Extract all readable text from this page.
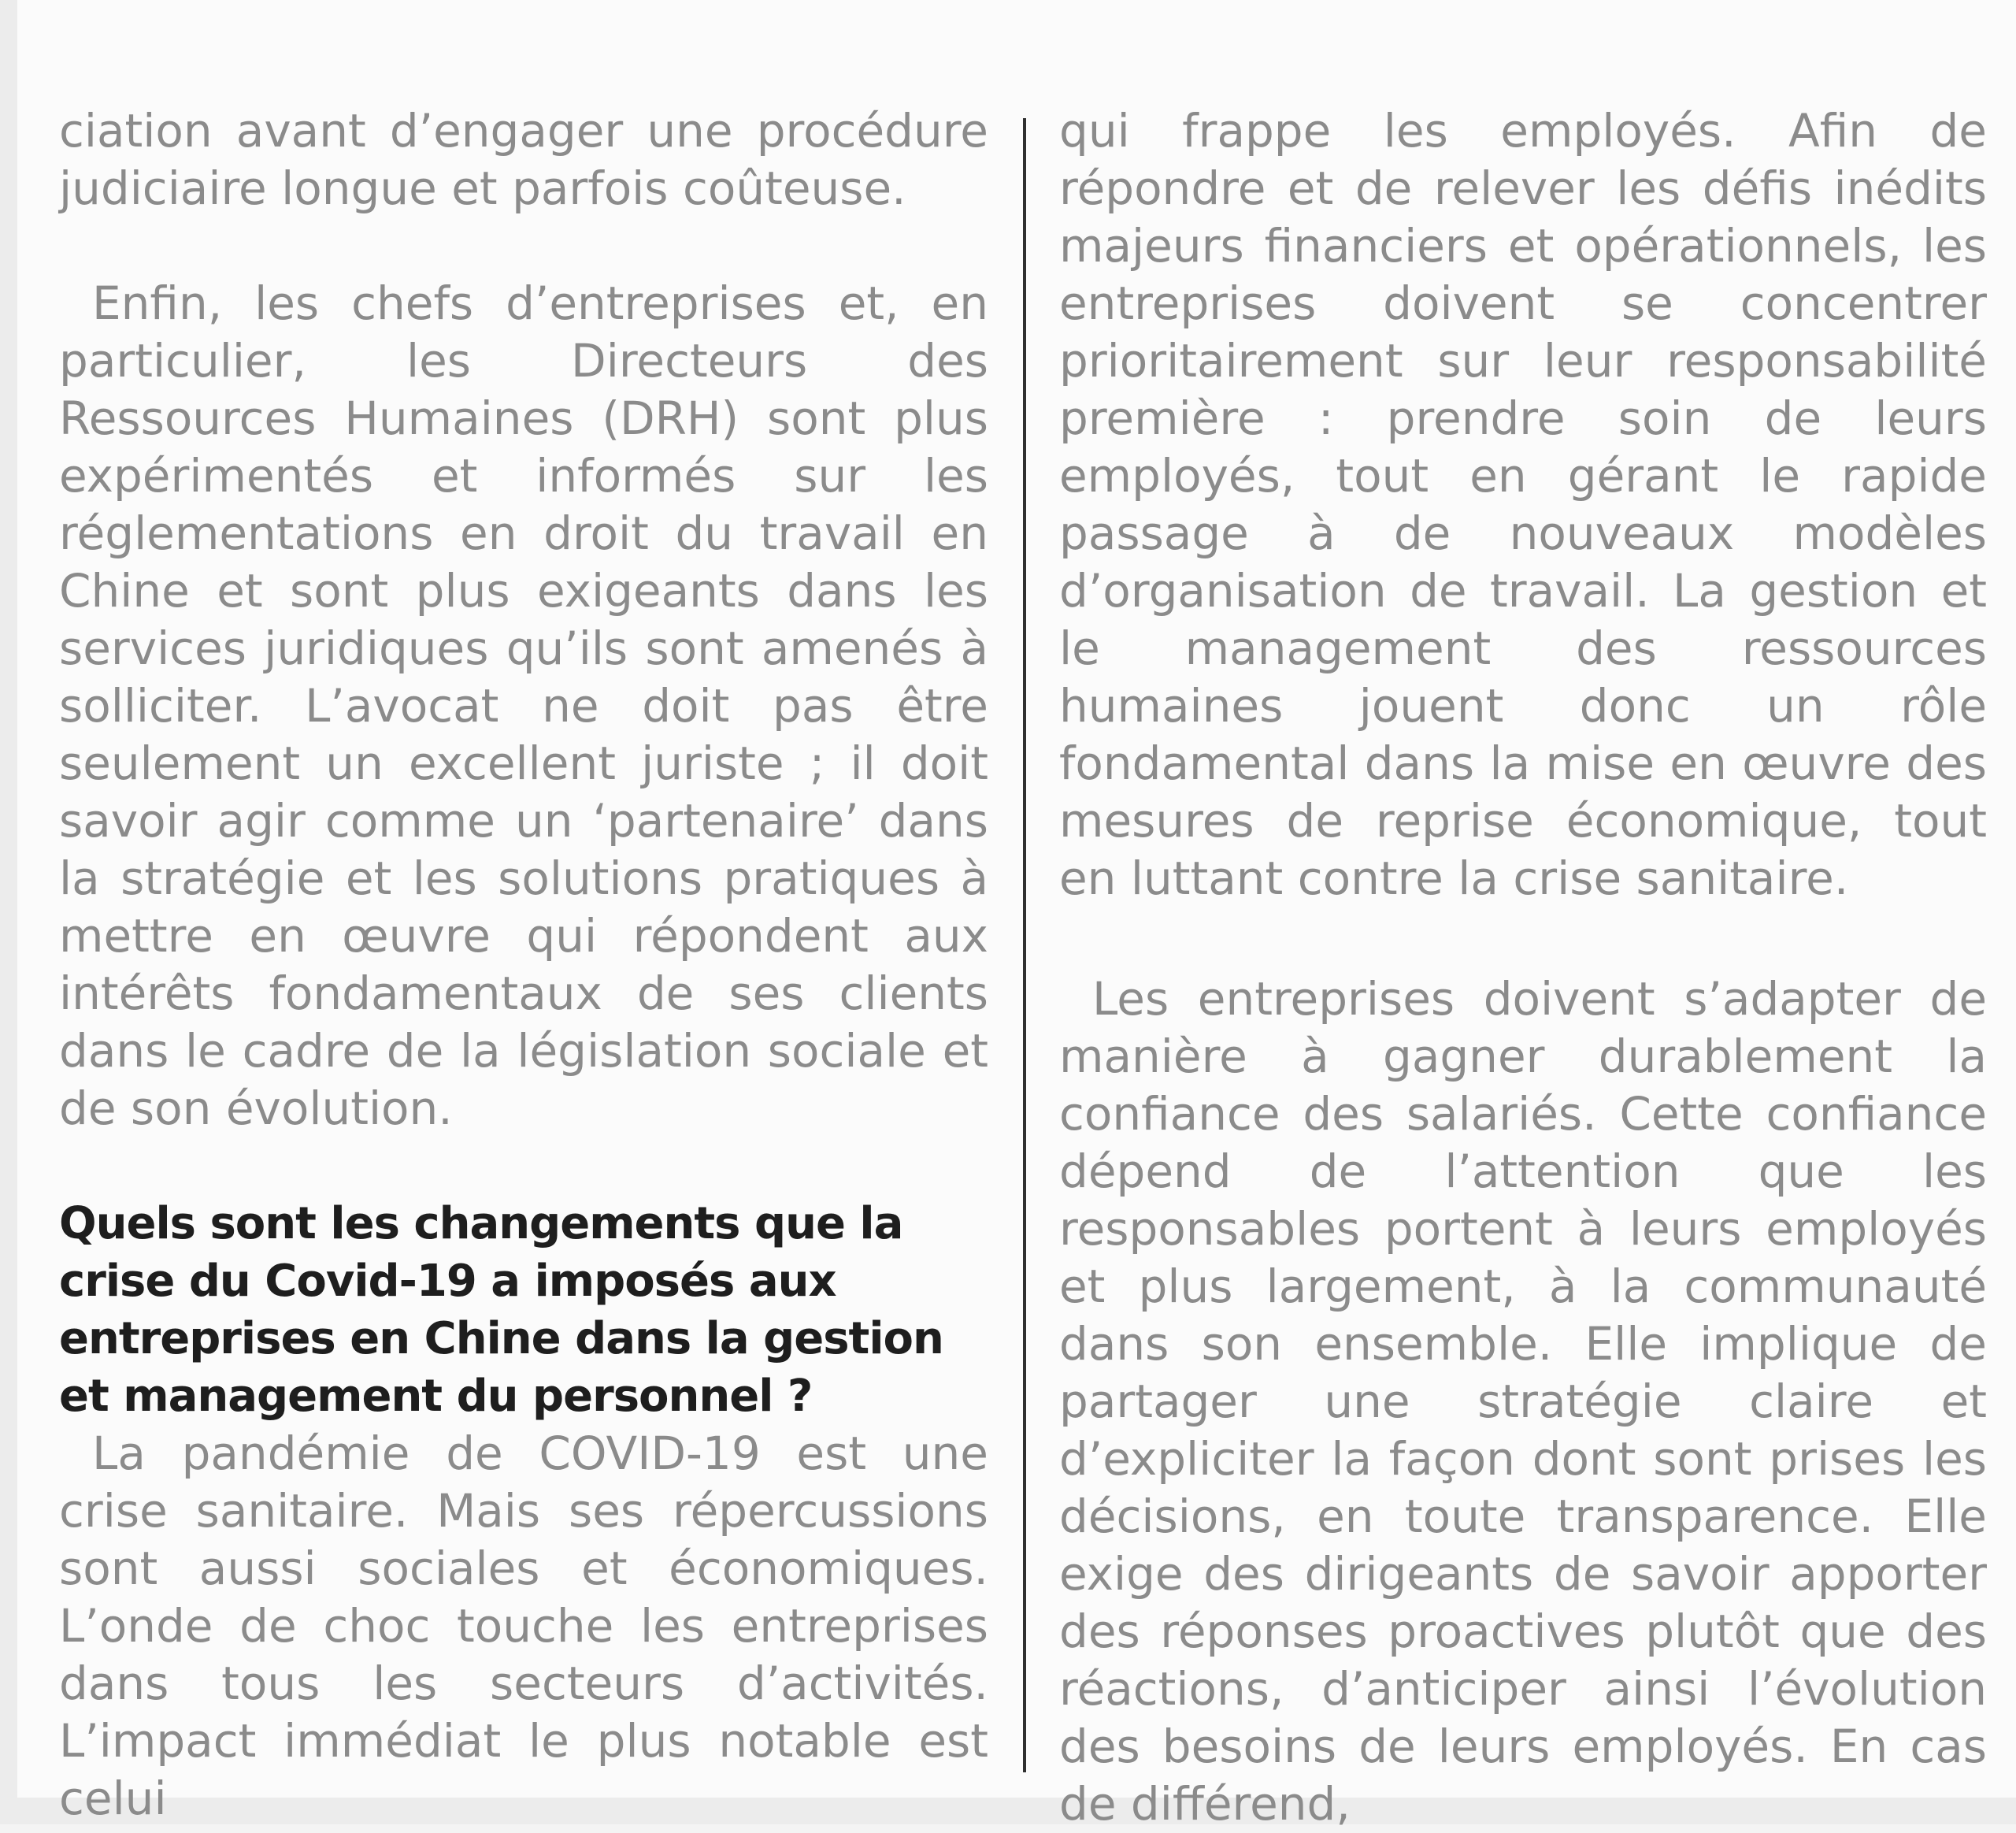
ciation avant d’engager une procédure judiciaire longue et parfois coûteuse.

Enfin, les chefs d’entreprises et, en particulier, les Directeurs des Ressources Humaines (DRH) sont plus expérimentés et informés sur les réglementations en droit du travail en Chine et sont plus exigeants dans les services juridiques qu’ils sont amenés à solliciter. L’avocat ne doit pas être seulement un excellent juriste ; il doit savoir agir comme un ‘partenaire’ dans la stratégie et les solutions pratiques à mettre en œuvre qui répondent aux intérêts fondamentaux de ses clients dans le cadre de la législation sociale et de son évolution.

Quels sont les changements que la crise du Covid-19 a imposés aux entreprises en Chine dans la gestion et management du personnel ?

La pandémie de COVID-19 est une crise sanitaire. Mais ses répercussions sont aussi sociales et économiques. L’onde de choc touche les entreprises dans tous les secteurs d’activités. L’impact immédiat le plus notable est celui

qui frappe les employés. Afin de répondre et de relever les défis inédits majeurs financiers et opérationnels, les entreprises doivent se concentrer prioritairement sur leur responsabilité première : prendre soin de leurs employés, tout en gérant le rapide passage à de nouveaux modèles d’organisation de travail. La gestion et le management des ressources humaines jouent donc un rôle fondamental dans la mise en œuvre des mesures de reprise économique, tout en luttant contre la crise sanitaire.

Les entreprises doivent s’adapter de manière à gagner durablement la confiance des salariés. Cette confiance dépend de l’attention que les responsables portent à leurs employés et plus largement, à la communauté dans son ensemble. Elle implique de partager une stratégie claire et d’expliciter la façon dont sont prises les décisions, en toute transparence. Elle exige des dirigeants de savoir apporter des réponses proactives plutôt que des réactions, d’anticiper ainsi l’évolution des besoins de leurs employés. En cas de différend,
